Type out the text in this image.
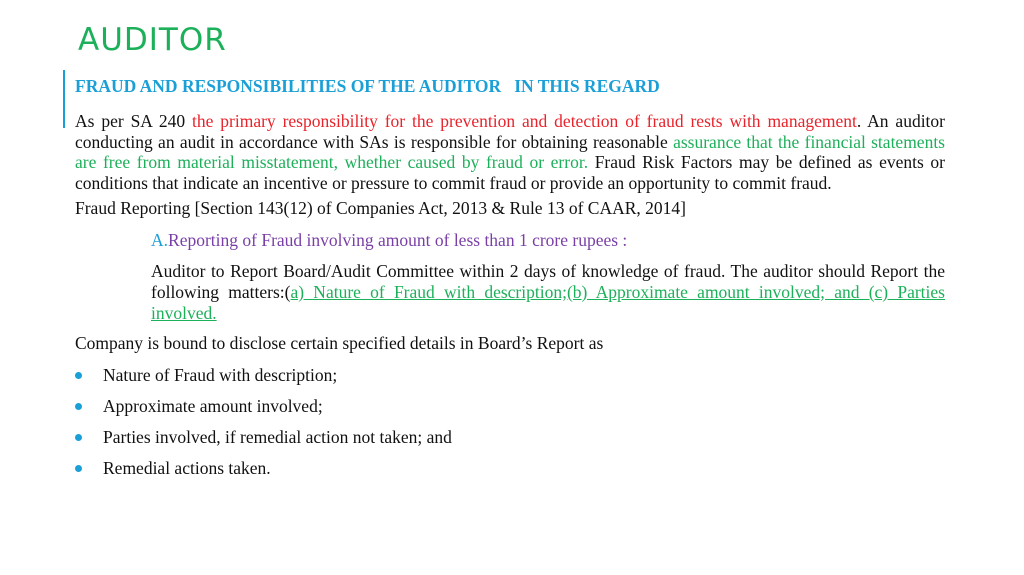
AUDITOR

FRAUD AND RESPONSIBILITIES OF THE AUDITOR   IN THIS REGARD

As per SA 240 the primary responsibility for the prevention and detection of fraud rests with management. An auditor conducting an audit in accordance with SAs is responsible for obtaining reasonable assurance that the financial statements are free from material misstatement, whether caused by fraud or error. Fraud Risk Factors may be defined as events or conditions that indicate an incentive or pressure to commit fraud or provide an opportunity to commit fraud.

Fraud Reporting [Section 143(12) of Companies Act, 2013 & Rule 13 of CAAR, 2014]

A.Reporting of Fraud involving amount of less than 1 crore rupees :

Auditor to Report Board/Audit Committee within 2 days of knowledge of fraud. The auditor should Report the following matters:(a) Nature of Fraud with description;(b) Approximate amount involved; and (c) Parties involved.

Company is bound to disclose certain specified details in Board’s Report as

Nature of Fraud with description;
Approximate amount involved;
Parties involved, if remedial action not taken; and
Remedial actions taken.
